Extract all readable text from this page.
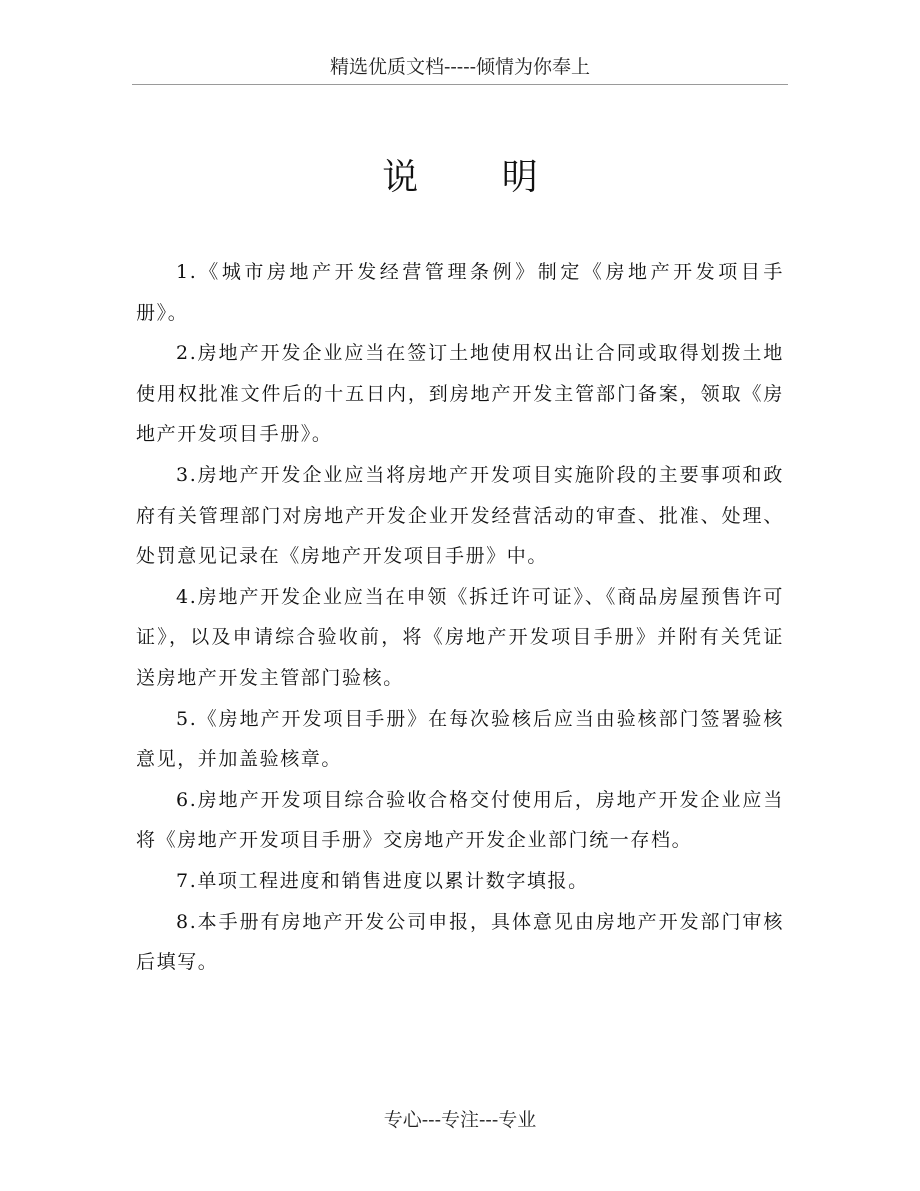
精选优质文档-----倾情为你奉上
说 明

1.《城市房地产开发经营管理条例》制定《房地产开发项目手册》。

2.房地产开发企业应当在签订土地使用权出让合同或取得划拨土地使用权批准文件后的十五日内，到房地产开发主管部门备案，领取《房地产开发项目手册》。

3.房地产开发企业应当将房地产开发项目实施阶段的主要事项和政府有关管理部门对房地产开发企业开发经营活动的审查、批准、处理、处罚意见记录在《房地产开发项目手册》中。

4.房地产开发企业应当在申领《拆迁许可证》、《商品房屋预售许可证》，以及申请综合验收前，将《房地产开发项目手册》并附有关凭证送房地产开发主管部门验核。

5.《房地产开发项目手册》在每次验核后应当由验核部门签署验核意见，并加盖验核章。

6.房地产开发项目综合验收合格交付使用后，房地产开发企业应当将《房地产开发项目手册》交房地产开发企业部门统一存档。

7.单项工程进度和销售进度以累计数字填报。

8.本手册有房地产开发公司申报，具体意见由房地产开发部门审核后填写。

专心---专注---专业
